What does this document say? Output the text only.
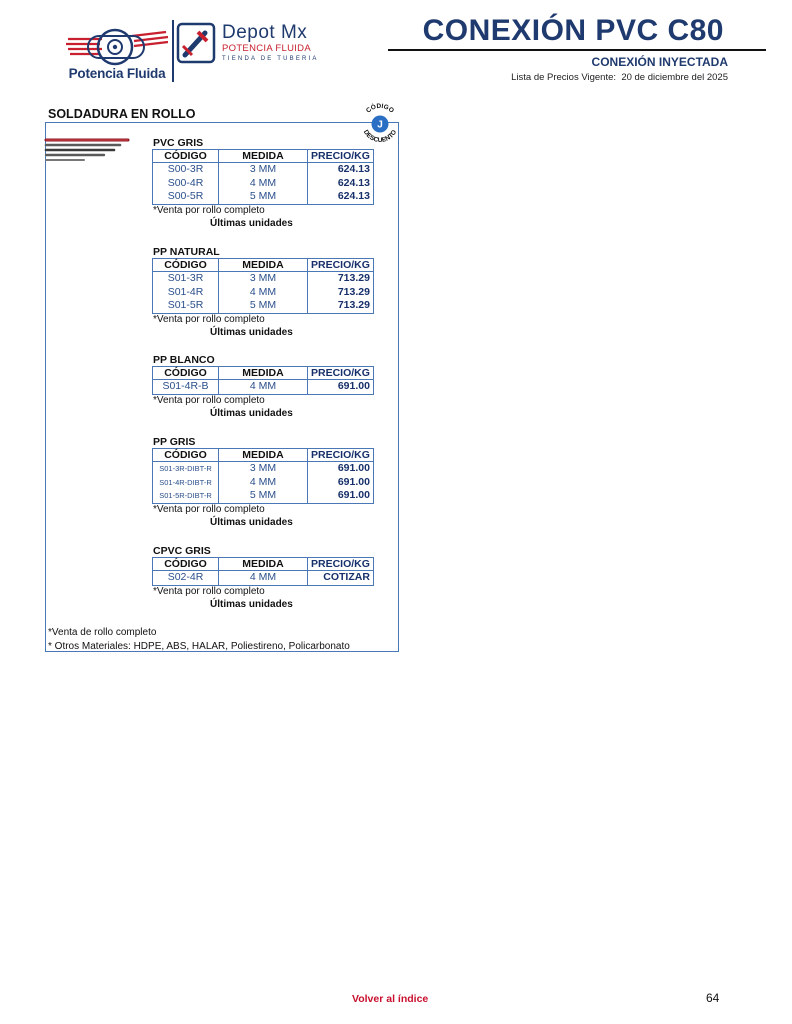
Potencia Fluida
Depot Mx
POTENCIA FLUIDA
TIENDA DE TUBERIA
CONEXIÓN PVC C80
CONEXIÓN INYECTADA
Lista de Precios Vigente: 20 de diciembre del 2025
SOLDADURA EN ROLLO	CÓDIGO
J
DESCUENTO
PVC GRIS
CÓDIGO	MEDIDA	PRECIO/KG
S00-3R	3 MM	624.13
S00-4R	4 MM	624.13
S00-5R	5 MM	624.13
*Venta por rollo completo
Últimas unidades
PP NATURAL
CÓDIGO	MEDIDA	PRECIO/KG
S01-3R	3 MM	713.29
S01-4R	4 MM	713.29
S01-5R	5 MM	713.29
*Venta por rollo completo
Últimas unidades
PP BLANCO
CÓDIGO	MEDIDA	PRECIO/KG
S01-4R-B	4 MM	691.00
*Venta por rollo completo
Últimas unidades
PP GRIS
CÓDIGO	MEDIDA	PRECIO/KG
S01-3R-DIBT-R	3 MM	691.00
S01-4R-DIBT-R	4 MM	691.00
S01-5R-DIBT-R	5 MM	691.00
*Venta por rollo completo
Últimas unidades
CPVC GRIS
CÓDIGO	MEDIDA	PRECIO/KG
S02-4R	4 MM	COTIZAR
*Venta por rollo completo
Últimas unidades
*Venta de rollo completo
* Otros Materiales: HDPE, ABS, HALAR, Poliestireno, Policarbonato
Volver al índice	64
